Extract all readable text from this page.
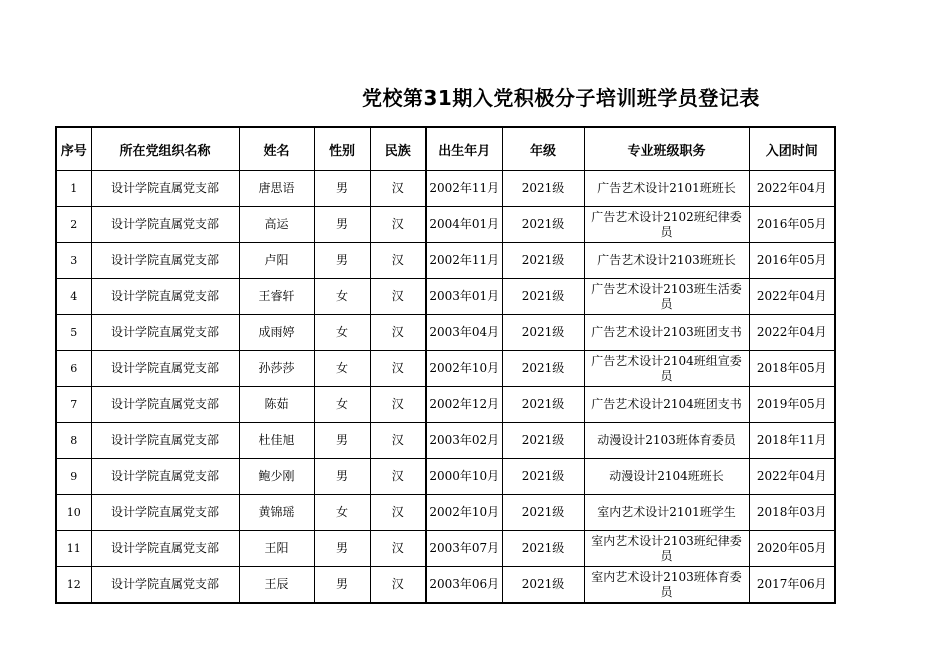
党校第31期入党积极分子培训班学员登记表
序号	所在党组织名称	姓名	性别	民族	出生年月	年级	专业班级职务	入团时间
1	设计学院直属党支部	唐思语	男	汉	2002年11月	2021级	广告艺术设计2101班班长	2022年04月
2	设计学院直属党支部	高运	男	汉	2004年01月	2021级	广告艺术设计2102班纪律委员	2016年05月
3	设计学院直属党支部	卢阳	男	汉	2002年11月	2021级	广告艺术设计2103班班长	2016年05月
4	设计学院直属党支部	王睿轩	女	汉	2003年01月	2021级	广告艺术设计2103班生活委员	2022年04月
5	设计学院直属党支部	成雨婷	女	汉	2003年04月	2021级	广告艺术设计2103班团支书	2022年04月
6	设计学院直属党支部	孙莎莎	女	汉	2002年10月	2021级	广告艺术设计2104班组宣委员	2018年05月
7	设计学院直属党支部	陈茹	女	汉	2002年12月	2021级	广告艺术设计2104班团支书	2019年05月
8	设计学院直属党支部	杜佳旭	男	汉	2003年02月	2021级	动漫设计2103班体育委员	2018年11月
9	设计学院直属党支部	鲍少刚	男	汉	2000年10月	2021级	动漫设计2104班班长	2022年04月
10	设计学院直属党支部	黄锦瑶	女	汉	2002年10月	2021级	室内艺术设计2101班学生	2018年03月
11	设计学院直属党支部	王阳	男	汉	2003年07月	2021级	室内艺术设计2103班纪律委员	2020年05月
12	设计学院直属党支部	王辰	男	汉	2003年06月	2021级	室内艺术设计2103班体育委员	2017年06月
